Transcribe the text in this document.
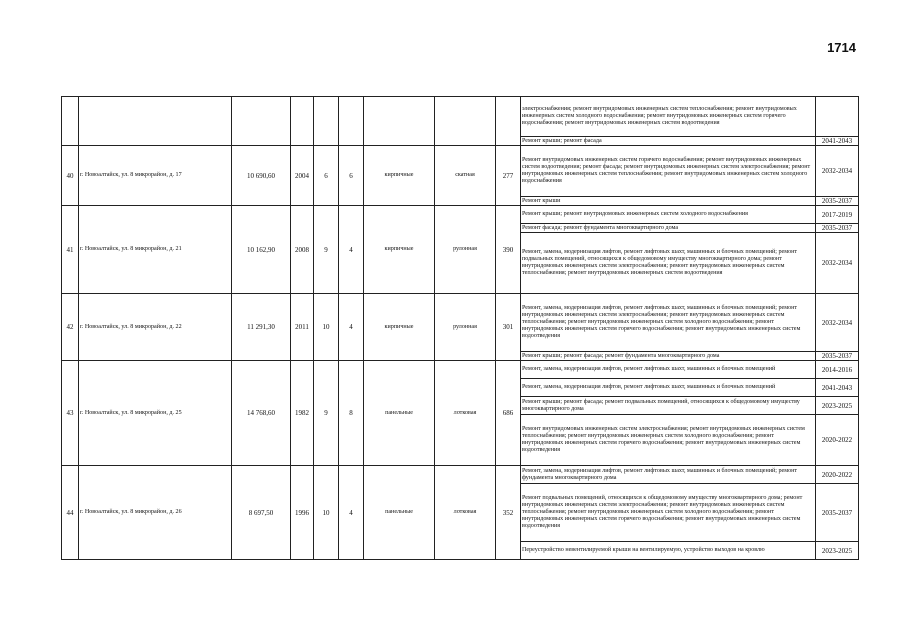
1714
									электроснабжения; ремонт внутридомовых инженерных систем теплоснабжения; ремонт внутридомовых инженерных систем холодного водоснабжения; ремонт внутридомовых инженерных систем горячего водоснабжения; ремонт внутридомовых инженерных систем водоотведения	
									Ремонт крыши; ремонт фасада	2041-2043
40	г. Новоалтайск, ул. 8 микрорайон, д. 17	10 690,60	2004	6	6	кирпичные	скатная	277	Ремонт внутридомовых инженерных систем горячего водоснабжения; ремонт внутридомовых инженерных систем водоотведения; ремонт фасада; ремонт внутридомовых инженерных систем электроснабжения; ремонт внутридомовых инженерных систем теплоснабжения; ремонт внутридомовых инженерных систем холодного водоснабжения	2032-2034
									Ремонт крыши	2035-2037
41	г. Новоалтайск, ул. 8 микрорайон, д. 21	10 162,90	2008	9	4	кирпичные	рулонная	390	Ремонт крыши; ремонт внутридомовых инженерных систем холодного водоснабжения	2017-2019
									Ремонт фасада; ремонт фундамента многоквартирного дома	2035-2037
									Ремонт, замена, модернизация лифтов, ремонт лифтовых шахт, машинных и блочных помещений; ремонт подвальных помещений, относящихся к общедомовому имуществу многоквартирного дома; ремонт внутридомовых инженерных систем электроснабжения; ремонт внутридомовых инженерных систем теплоснабжения; ремонт внутридомовых инженерных систем водоотведения	2032-2034
42	г. Новоалтайск, ул. 8 микрорайон, д. 22	11 291,30	2011	10	4	кирпичные	рулонная	301	Ремонт, замена, модернизация лифтов, ремонт лифтовых шахт, машинных и блочных помещений; ремонт внутридомовых инженерных систем электроснабжения; ремонт внутридомовых инженерных систем теплоснабжения; ремонт внутридомовых инженерных систем холодного водоснабжения; ремонт внутридомовых инженерных систем горячего водоснабжения; ремонт внутридомовых инженерных систем водоотведения	2032-2034
									Ремонт крыши; ремонт фасада; ремонт фундамента многоквартирного дома	2035-2037
43	г. Новоалтайск, ул. 8 микрорайон, д. 25	14 768,60	1982	9	8	панельные	лотковая	686	Ремонт, замена, модернизация лифтов, ремонт лифтовых шахт, машинных и блочных помещений	2014-2016
									Ремонт, замена, модернизация лифтов, ремонт лифтовых шахт, машинных и блочных помещений	2041-2043
									Ремонт крыши; ремонт фасада; ремонт подвальных помещений, относящихся к общедомовому имуществу многоквартирного дома	2023-2025
									Ремонт внутридомовых инженерных систем электроснабжения; ремонт внутридомовых инженерных систем теплоснабжения; ремонт внутридомовых инженерных систем холодного водоснабжения; ремонт внутридомовых инженерных систем горячего водоснабжения; ремонт внутридомовых инженерных систем водоотведения	2020-2022
44	г. Новоалтайск, ул. 8 микрорайон, д. 26	8 697,50	1996	10	4	панельные	лотковая	352	Ремонт, замена, модернизация лифтов, ремонт лифтовых шахт, машинных и блочных помещений; ремонт фундамента многоквартирного дома	2020-2022
									Ремонт подвальных помещений, относящихся к общедомовому имуществу многоквартирного дома; ремонт внутридомовых инженерных систем электроснабжения; ремонт внутридомовых инженерных систем теплоснабжения; ремонт внутридомовых инженерных систем холодного водоснабжения; ремонт внутридомовых инженерных систем горячего водоснабжения; ремонт внутридомовых инженерных систем водоотведения	2035-2037
									Переустройство невентилируемой крыши на вентилируемую, устройство выходов на кровлю	2023-2025
